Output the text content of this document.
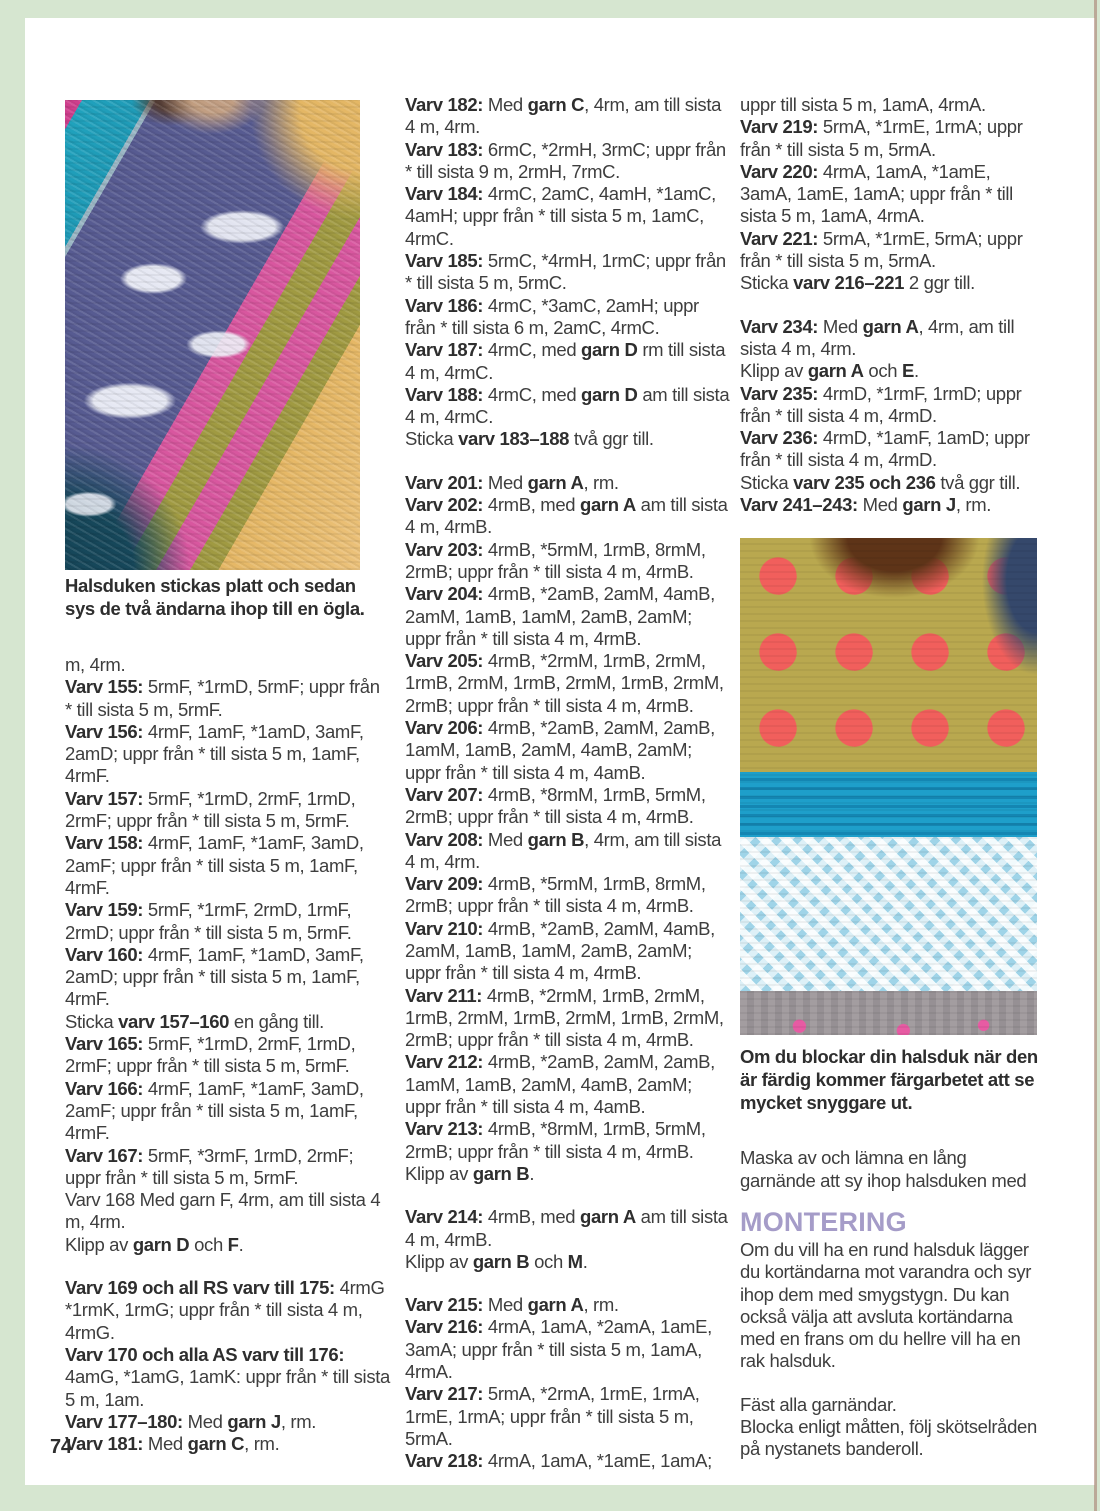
Halsduken stickas platt och sedan sys de två ändarna ihop till en ögla.
m, 4rm.
Varv 155: 5rmF, *1rmD, 5rmF; uppr från * till sista 5 m, 5rmF.
Varv 156: 4rmF, 1amF, *1amD, 3amF, 2amD; uppr från * till sista 5 m, 1amF, 4rmF.
Varv 157: 5rmF, *1rmD, 2rmF, 1rmD, 2rmF; uppr från * till sista 5 m, 5rmF.
Varv 158: 4rmF, 1amF, *1amF, 3amD, 2amF; uppr från * till sista 5 m, 1amF, 4rmF.
Varv 159: 5rmF, *1rmF, 2rmD, 1rmF, 2rmD; uppr från * till sista 5 m, 5rmF.
Varv 160: 4rmF, 1amF, *1amD, 3amF, 2amD; uppr från * till sista 5 m, 1amF, 4rmF.
Sticka varv 157–160 en gång till.
Varv 165: 5rmF, *1rmD, 2rmF, 1rmD, 2rmF; uppr från * till sista 5 m, 5rmF.
Varv 166: 4rmF, 1amF, *1amF, 3amD, 2amF; uppr från * till sista 5 m, 1amF, 4rmF.
Varv 167: 5rmF, *3rmF, 1rmD, 2rmF; uppr från * till sista 5 m, 5rmF.
Varv 168 Med garn F, 4rm, am till sista 4 m, 4rm.
Klipp av garn D och F.
Varv 169 och all RS varv till 175: 4rmG *1rmK, 1rmG; uppr från * till sista 4 m, 4rmG.
Varv 170 och alla AS varv till 176: 4amG, *1amG, 1amK: uppr från * till sista 5 m, 1am.
Varv 177–180: Med garn J, rm.
Varv 181: Med garn C, rm.
Varv 182: Med garn C, 4rm, am till sista 4 m, 4rm.
Varv 183: 6rmC, *2rmH, 3rmC; uppr från * till sista 9 m, 2rmH, 7rmC.
Varv 184: 4rmC, 2amC, 4amH, *1amC, 4amH; uppr från * till sista 5 m, 1amC, 4rmC.
Varv 185: 5rmC, *4rmH, 1rmC; uppr från * till sista 5 m, 5rmC.
Varv 186: 4rmC, *3amC, 2amH; uppr från * till sista 6 m, 2amC, 4rmC.
Varv 187: 4rmC, med garn D rm till sista 4 m, 4rmC.
Varv 188: 4rmC, med garn D am till sista 4 m, 4rmC.
Sticka varv 183–188 två ggr till.
Varv 201: Med garn A, rm.
Varv 202: 4rmB, med garn A am till sista 4 m, 4rmB.
Varv 203: 4rmB, *5rmM, 1rmB, 8rmM, 2rmB; uppr från * till sista 4 m, 4rmB.
Varv 204: 4rmB, *2amB, 2amM, 4amB, 2amM, 1amB, 1amM, 2amB, 2amM; uppr från * till sista 4 m, 4rmB.
Varv 205: 4rmB, *2rmM, 1rmB, 2rmM, 1rmB, 2rmM, 1rmB, 2rmM, 1rmB, 2rmM, 2rmB; uppr från * till sista 4 m, 4rmB.
Varv 206: 4rmB, *2amB, 2amM, 2amB, 1amM, 1amB, 2amM, 4amB, 2amM; uppr från * till sista 4 m, 4amB.
Varv 207: 4rmB, *8rmM, 1rmB, 5rmM, 2rmB; uppr från * till sista 4 m, 4rmB.
Varv 208: Med garn B, 4rm, am till sista 4 m, 4rm.
Varv 209: 4rmB, *5rmM, 1rmB, 8rmM, 2rmB; uppr från * till sista 4 m, 4rmB.
Varv 210: 4rmB, *2amB, 2amM, 4amB, 2amM, 1amB, 1amM, 2amB, 2amM; uppr från * till sista 4 m, 4rmB.
Varv 211: 4rmB, *2rmM, 1rmB, 2rmM, 1rmB, 2rmM, 1rmB, 2rmM, 1rmB, 2rmM, 2rmB; uppr från * till sista 4 m, 4rmB.
Varv 212: 4rmB, *2amB, 2amM, 2amB, 1amM, 1amB, 2amM, 4amB, 2amM; uppr från * till sista 4 m, 4amB.
Varv 213: 4rmB, *8rmM, 1rmB, 5rmM, 2rmB; uppr från * till sista 4 m, 4rmB.
Klipp av garn B.
Varv 214: 4rmB, med garn A am till sista 4 m, 4rmB.
Klipp av garn B och M.
Varv 215: Med garn A, rm.
Varv 216: 4rmA, 1amA, *2amA, 1amE, 3amA; uppr från * till sista 5 m, 1amA, 4rmA.
Varv 217: 5rmA, *2rmA, 1rmE, 1rmA, 1rmE, 1rmA; uppr från * till sista 5 m, 5rmA.
Varv 218: 4rmA, 1amA, *1amE, 1amA;
uppr till sista 5 m, 1amA, 4rmA.
Varv 219: 5rmA, *1rmE, 1rmA; uppr från * till sista 5 m, 5rmA.
Varv 220: 4rmA, 1amA, *1amE, 3amA, 1amE, 1amA; uppr från * till sista 5 m, 1amA, 4rmA.
Varv 221: 5rmA, *1rmE, 5rmA; uppr från * till sista 5 m, 5rmA.
Sticka varv 216–221 2 ggr till.
Varv 234: Med garn A, 4rm, am till sista 4 m, 4rm.
Klipp av garn A och E.
Varv 235: 4rmD, *1rmF, 1rmD; uppr från * till sista 4 m, 4rmD.
Varv 236: 4rmD, *1amF, 1amD; uppr från * till sista 4 m, 4rmD.
Sticka varv 235 och 236 två ggr till.
Varv 241–243: Med garn J, rm.
Om du blockar din halsduk när den är färdig kommer färgarbetet att se mycket snyggare ut.
Maska av och lämna en lång garnände att sy ihop halsduken med
MONTERING
Om du vill ha en rund halsduk lägger du kortändarna mot varandra och syr ihop dem med smygstygn. Du kan också välja att avsluta kortändarna med en frans om du hellre vill ha en rak halsduk.
Fäst alla garnändar.
Blocka enligt måtten, följ skötselråden på nystanets banderoll.
74
